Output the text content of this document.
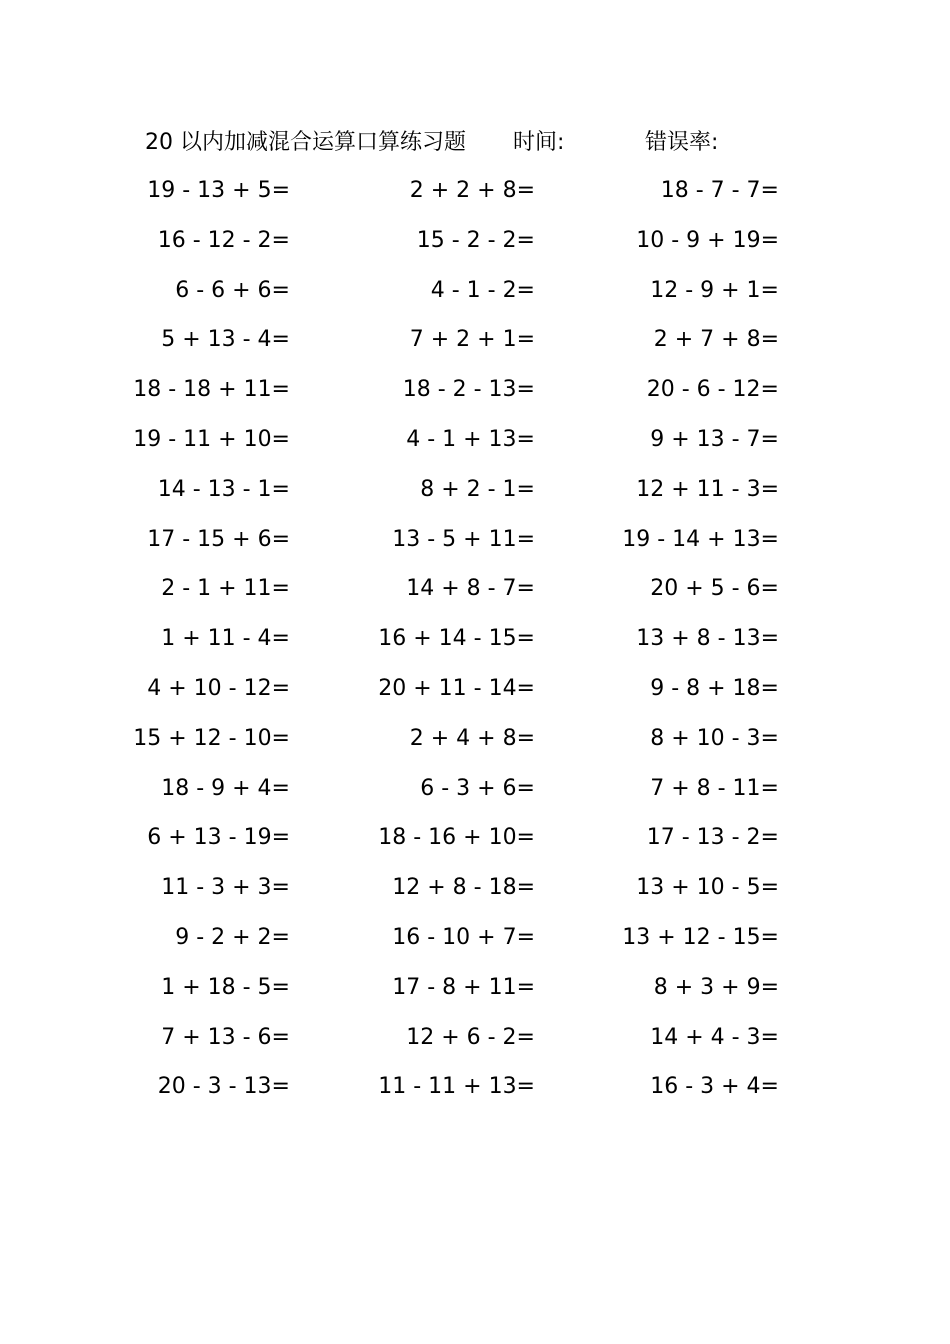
20 以内加减混合运算口算练习题 时间:	错误率:
19 - 13 + 5=	2 + 2 + 8=	18 - 7 - 7=
16 - 12 - 2=	15 - 2 - 2=	10 - 9 + 19=
6 - 6 + 6=	4 - 1 - 2=	12 - 9 + 1=
5 + 13 - 4=	7 + 2 + 1=	2 + 7 + 8=
18 - 18 + 11=	18 - 2 - 13=	20 - 6 - 12=
19 - 11 + 10=	4 - 1 + 13=	9 + 13 - 7=
14 - 13 - 1=	8 + 2 - 1=	12 + 11 - 3=
17 - 15 + 6=	13 - 5 + 11=	19 - 14 + 13=
2 - 1 + 11=	14 + 8 - 7=	20 + 5 - 6=
1 + 11 - 4=	16 + 14 - 15=	13 + 8 - 13=
4 + 10 - 12=	20 + 11 - 14=	9 - 8 + 18=
15 + 12 - 10=	2 + 4 + 8=	8 + 10 - 3=
18 - 9 + 4=	6 - 3 + 6=	7 + 8 - 11=
6 + 13 - 19=	18 - 16 + 10=	17 - 13 - 2=
11 - 3 + 3=	12 + 8 - 18=	13 + 10 - 5=
9 - 2 + 2=	16 - 10 + 7=	13 + 12 - 15=
1 + 18 - 5=	17 - 8 + 11=	8 + 3 + 9=
7 + 13 - 6=	12 + 6 - 2=	14 + 4 - 3=
20 - 3 - 13=	11 - 11 + 13=	16 - 3 + 4=
